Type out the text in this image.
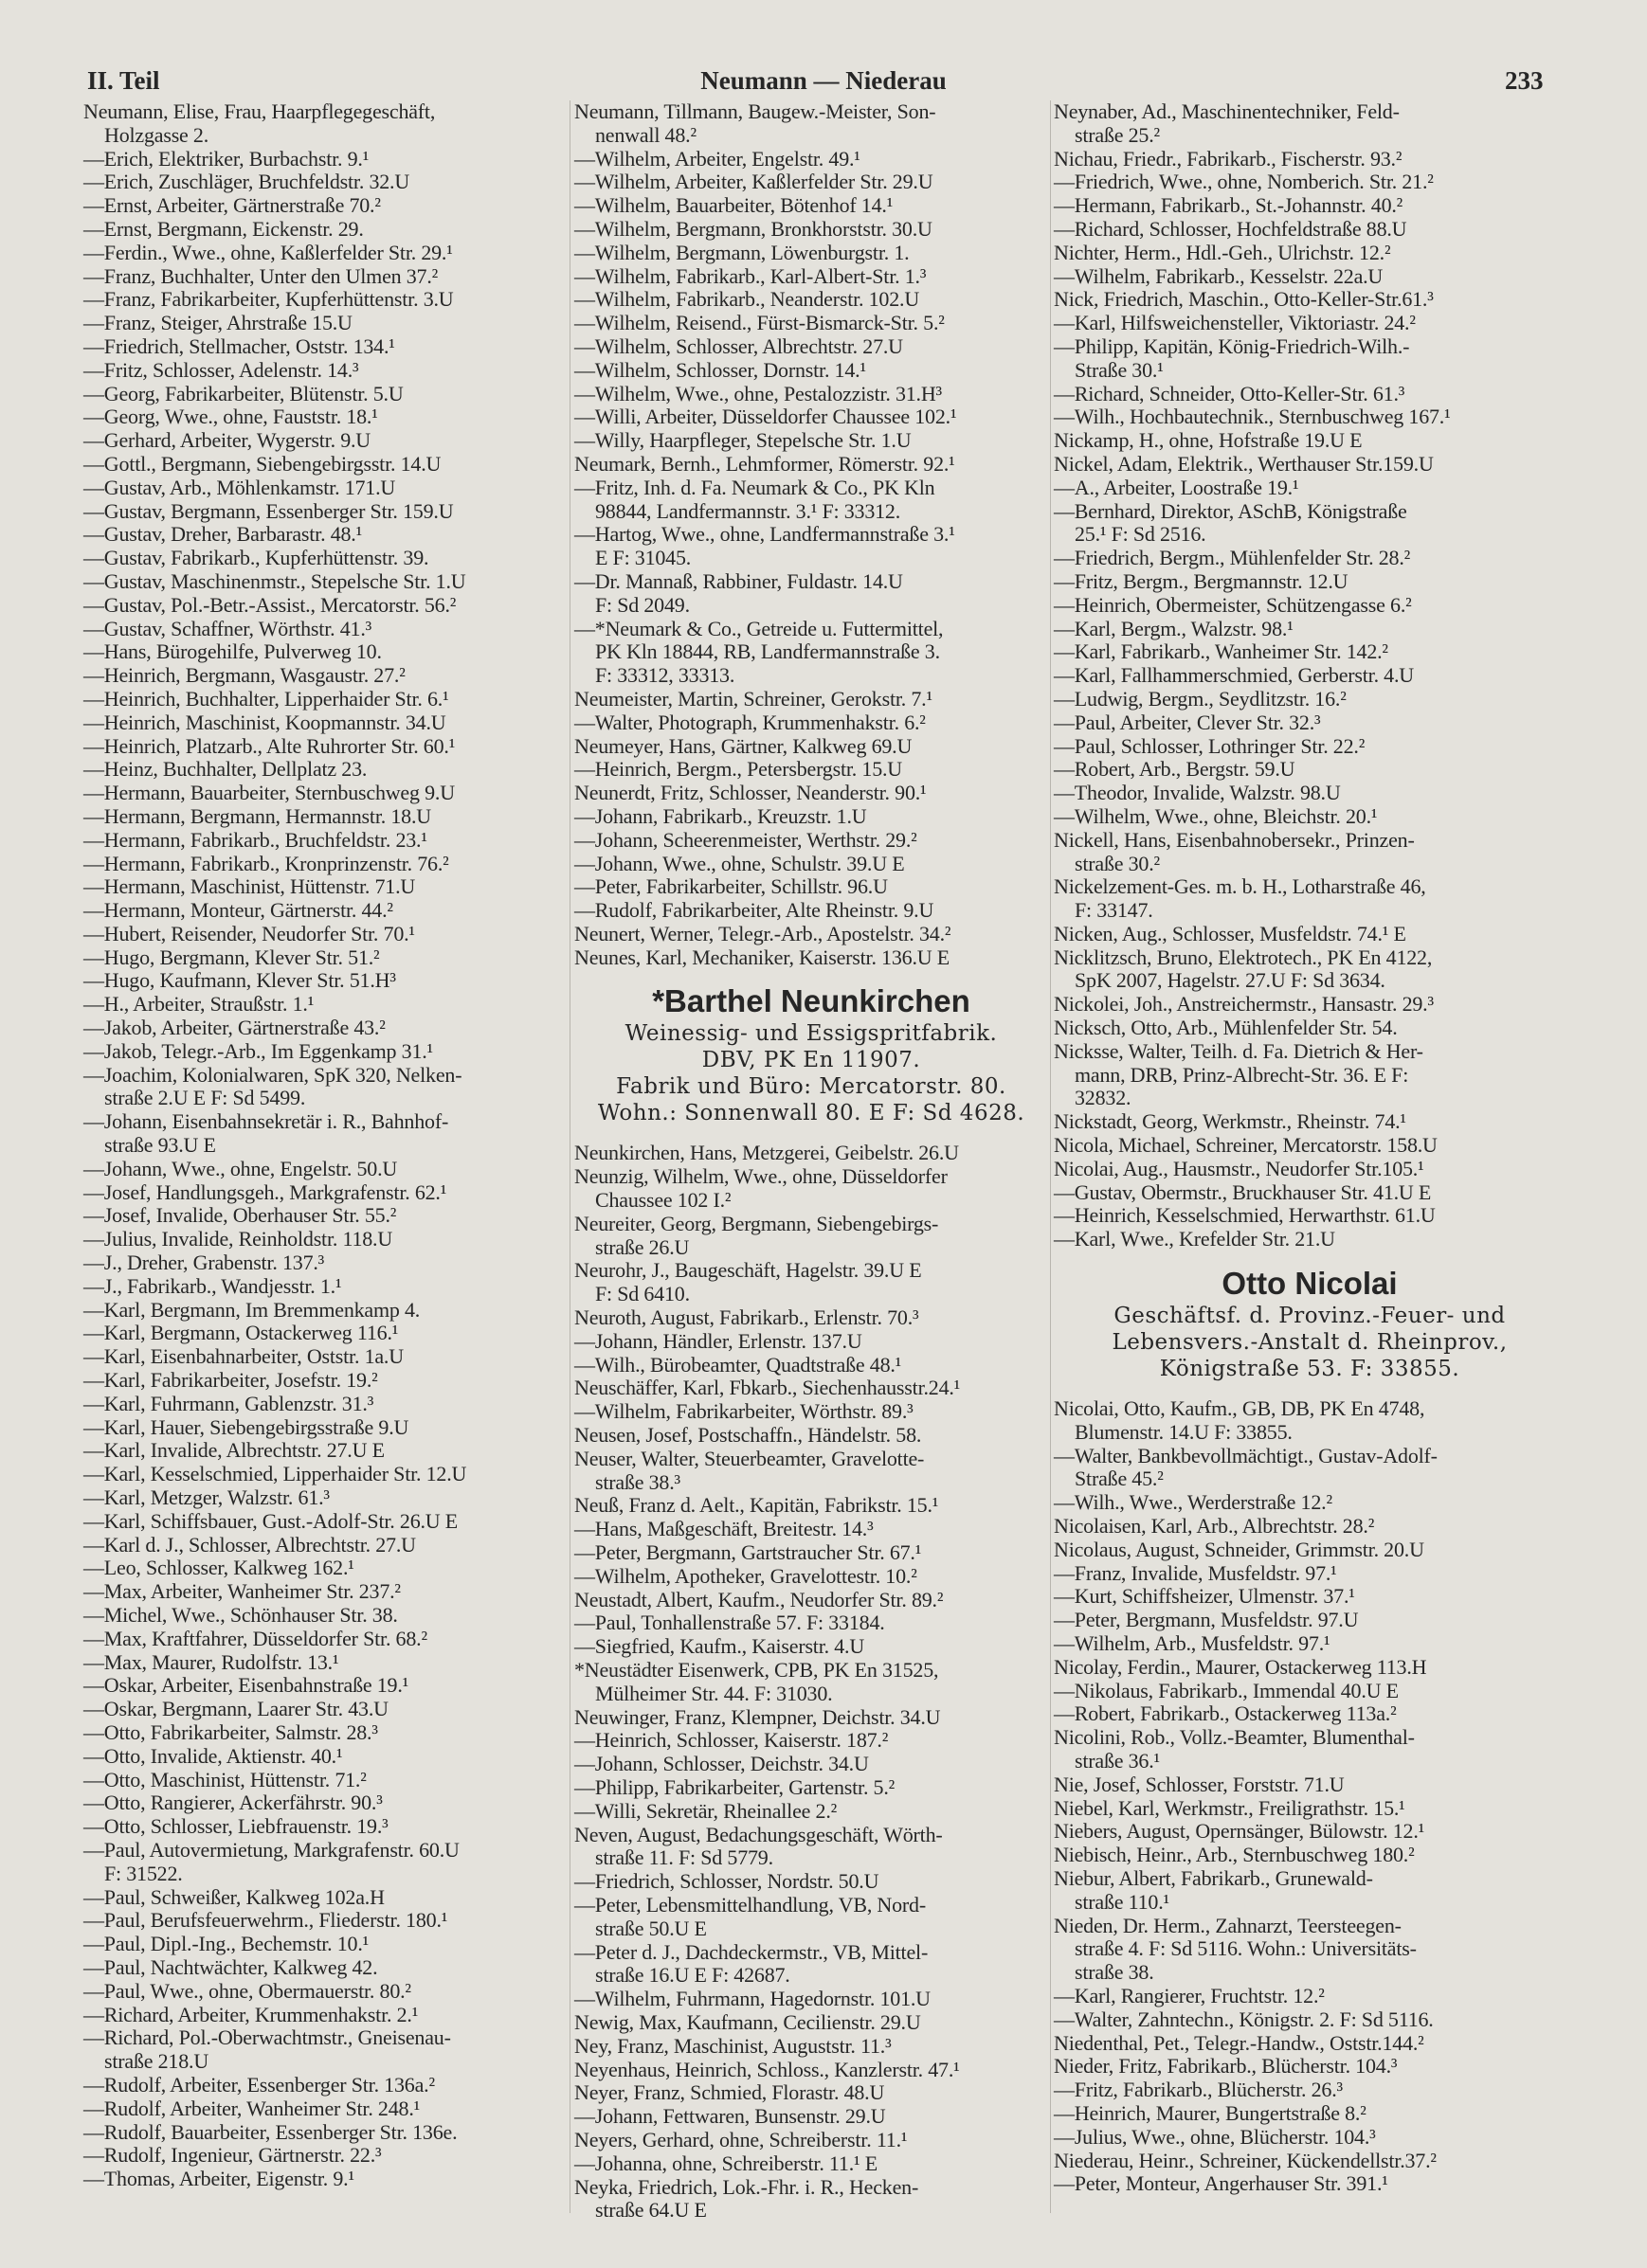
II. Teil	Neumann — Niederau	233
Neumann, Elise, Frau, Haarpflegegeschäft,
Holzgasse 2.
—Erich, Elektriker, Burbachstr. 9.¹
—Erich, Zuschläger, Bruchfeldstr. 32.U
—Ernst, Arbeiter, Gärtnerstraße 70.²
—Ernst, Bergmann, Eickenstr. 29.
—Ferdin., Wwe., ohne, Kaßlerfelder Str. 29.¹
—Franz, Buchhalter, Unter den Ulmen 37.²
—Franz, Fabrikarbeiter, Kupferhüttenstr. 3.U
—Franz, Steiger, Ahrstraße 15.U
—Friedrich, Stellmacher, Oststr. 134.¹
—Fritz, Schlosser, Adelenstr. 14.³
—Georg, Fabrikarbeiter, Blütenstr. 5.U
—Georg, Wwe., ohne, Fauststr. 18.¹
—Gerhard, Arbeiter, Wygerstr. 9.U
—Gottl., Bergmann, Siebengebirgsstr. 14.U
—Gustav, Arb., Möhlenkamstr. 171.U
—Gustav, Bergmann, Essenberger Str. 159.U
—Gustav, Dreher, Barbarastr. 48.¹
—Gustav, Fabrikarb., Kupferhüttenstr. 39.
—Gustav, Maschinenmstr., Stepelsche Str. 1.U
—Gustav, Pol.-Betr.-Assist., Mercatorstr. 56.²
—Gustav, Schaffner, Wörthstr. 41.³
—Hans, Bürogehilfe, Pulverweg 10.
—Heinrich, Bergmann, Wasgaustr. 27.²
—Heinrich, Buchhalter, Lipperhaider Str. 6.¹
—Heinrich, Maschinist, Koopmannstr. 34.U
—Heinrich, Platzarb., Alte Ruhrorter Str. 60.¹
—Heinz, Buchhalter, Dellplatz 23.
—Hermann, Bauarbeiter, Sternbuschweg 9.U
—Hermann, Bergmann, Hermannstr. 18.U
—Hermann, Fabrikarb., Bruchfeldstr. 23.¹
—Hermann, Fabrikarb., Kronprinzenstr. 76.²
—Hermann, Maschinist, Hüttenstr. 71.U
—Hermann, Monteur, Gärtnerstr. 44.²
—Hubert, Reisender, Neudorfer Str. 70.¹
—Hugo, Bergmann, Klever Str. 51.²
—Hugo, Kaufmann, Klever Str. 51.H³
—H., Arbeiter, Straußstr. 1.¹
—Jakob, Arbeiter, Gärtnerstraße 43.²
—Jakob, Telegr.-Arb., Im Eggenkamp 31.¹
—Joachim, Kolonialwaren, SpK 320, Nelken-
straße 2.U E F: Sd 5499.
—Johann, Eisenbahnsekretär i. R., Bahnhof-
straße 93.U E
—Johann, Wwe., ohne, Engelstr. 50.U
—Josef, Handlungsgeh., Markgrafenstr. 62.¹
—Josef, Invalide, Oberhauser Str. 55.²
—Julius, Invalide, Reinholdstr. 118.U
—J., Dreher, Grabenstr. 137.³
—J., Fabrikarb., Wandjesstr. 1.¹
—Karl, Bergmann, Im Bremmenkamp 4.
—Karl, Bergmann, Ostackerweg 116.¹
—Karl, Eisenbahnarbeiter, Oststr. 1a.U
—Karl, Fabrikarbeiter, Josefstr. 19.²
—Karl, Fuhrmann, Gablenzstr. 31.³
—Karl, Hauer, Siebengebirgsstraße 9.U
—Karl, Invalide, Albrechtstr. 27.U E
—Karl, Kesselschmied, Lipperhaider Str. 12.U
—Karl, Metzger, Walzstr. 61.³
—Karl, Schiffsbauer, Gust.-Adolf-Str. 26.U E
—Karl d. J., Schlosser, Albrechtstr. 27.U
—Leo, Schlosser, Kalkweg 162.¹
—Max, Arbeiter, Wanheimer Str. 237.²
—Michel, Wwe., Schönhauser Str. 38.
—Max, Kraftfahrer, Düsseldorfer Str. 68.²
—Max, Maurer, Rudolfstr. 13.¹
—Oskar, Arbeiter, Eisenbahnstraße 19.¹
—Oskar, Bergmann, Laarer Str. 43.U
—Otto, Fabrikarbeiter, Salmstr. 28.³
—Otto, Invalide, Aktienstr. 40.¹
—Otto, Maschinist, Hüttenstr. 71.²
—Otto, Rangierer, Ackerfährstr. 90.³
—Otto, Schlosser, Liebfrauenstr. 19.³
—Paul, Autovermietung, Markgrafenstr. 60.U
F: 31522.
—Paul, Schweißer, Kalkweg 102a.H
—Paul, Berufsfeuerwehrm., Fliederstr. 180.¹
—Paul, Dipl.-Ing., Bechemstr. 10.¹
—Paul, Nachtwächter, Kalkweg 42.
—Paul, Wwe., ohne, Obermauerstr. 80.²
—Richard, Arbeiter, Krummenhakstr. 2.¹
—Richard, Pol.-Oberwachtmstr., Gneisenau-
straße 218.U
—Rudolf, Arbeiter, Essenberger Str. 136a.²
—Rudolf, Arbeiter, Wanheimer Str. 248.¹
—Rudolf, Bauarbeiter, Essenberger Str. 136e.
—Rudolf, Ingenieur, Gärtnerstr. 22.³
—Thomas, Arbeiter, Eigenstr. 9.¹
Neumann, Tillmann, Baugew.-Meister, Son-
nenwall 48.²
—Wilhelm, Arbeiter, Engelstr. 49.¹
—Wilhelm, Arbeiter, Kaßlerfelder Str. 29.U
—Wilhelm, Bauarbeiter, Bötenhof 14.¹
—Wilhelm, Bergmann, Bronkhorststr. 30.U
—Wilhelm, Bergmann, Löwenburgstr. 1.
—Wilhelm, Fabrikarb., Karl-Albert-Str. 1.³
—Wilhelm, Fabrikarb., Neanderstr. 102.U
—Wilhelm, Reisend., Fürst-Bismarck-Str. 5.²
—Wilhelm, Schlosser, Albrechtstr. 27.U
—Wilhelm, Schlosser, Dornstr. 14.¹
—Wilhelm, Wwe., ohne, Pestalozzistr. 31.H³
—Willi, Arbeiter, Düsseldorfer Chaussee 102.¹
—Willy, Haarpfleger, Stepelsche Str. 1.U
Neumark, Bernh., Lehmformer, Römerstr. 92.¹
—Fritz, Inh. d. Fa. Neumark & Co., PK Kln
98844, Landfermannstr. 3.¹ F: 33312.
—Hartog, Wwe., ohne, Landfermannstraße 3.¹
E F: 31045.
—Dr. Mannaß, Rabbiner, Fuldastr. 14.U
F: Sd 2049.
—*Neumark & Co., Getreide u. Futtermittel,
PK Kln 18844, RB, Landfermannstraße 3.
F: 33312, 33313.
Neumeister, Martin, Schreiner, Gerokstr. 7.¹
—Walter, Photograph, Krummenhakstr. 6.²
Neumeyer, Hans, Gärtner, Kalkweg 69.U
—Heinrich, Bergm., Petersbergstr. 15.U
Neunerdt, Fritz, Schlosser, Neanderstr. 90.¹
—Johann, Fabrikarb., Kreuzstr. 1.U
—Johann, Scheerenmeister, Werthstr. 29.²
—Johann, Wwe., ohne, Schulstr. 39.U E
—Peter, Fabrikarbeiter, Schillstr. 96.U
—Rudolf, Fabrikarbeiter, Alte Rheinstr. 9.U
Neunert, Werner, Telegr.-Arb., Apostelstr. 34.²
Neunes, Karl, Mechaniker, Kaiserstr. 136.U E
*Barthel Neunkirchen
Weinessig- und Essigspritfabrik.
DBV, PK En 11907.
Fabrik und Büro: Mercatorstr. 80.
Wohn.: Sonnenwall 80. E F: Sd 4628.
Neunkirchen, Hans, Metzgerei, Geibelstr. 26.U
Neunzig, Wilhelm, Wwe., ohne, Düsseldorfer
Chaussee 102 I.²
Neureiter, Georg, Bergmann, Siebengebirgs-
straße 26.U
Neurohr, J., Baugeschäft, Hagelstr. 39.U E
F: Sd 6410.
Neuroth, August, Fabrikarb., Erlenstr. 70.³
—Johann, Händler, Erlenstr. 137.U
—Wilh., Bürobeamter, Quadtstraße 48.¹
Neuschäffer, Karl, Fbkarb., Siechenhausstr.24.¹
—Wilhelm, Fabrikarbeiter, Wörthstr. 89.³
Neusen, Josef, Postschaffn., Händelstr. 58.
Neuser, Walter, Steuerbeamter, Gravelotte-
straße 38.³
Neuß, Franz d. Aelt., Kapitän, Fabrikstr. 15.¹
—Hans, Maßgeschäft, Breitestr. 14.³
—Peter, Bergmann, Gartstraucher Str. 67.¹
—Wilhelm, Apotheker, Gravelottestr. 10.²
Neustadt, Albert, Kaufm., Neudorfer Str. 89.²
—Paul, Tonhallenstraße 57. F: 33184.
—Siegfried, Kaufm., Kaiserstr. 4.U
*Neustädter Eisenwerk, CPB, PK En 31525,
Mülheimer Str. 44. F: 31030.
Neuwinger, Franz, Klempner, Deichstr. 34.U
—Heinrich, Schlosser, Kaiserstr. 187.²
—Johann, Schlosser, Deichstr. 34.U
—Philipp, Fabrikarbeiter, Gartenstr. 5.²
—Willi, Sekretär, Rheinallee 2.²
Neven, August, Bedachungsgeschäft, Wörth-
straße 11. F: Sd 5779.
—Friedrich, Schlosser, Nordstr. 50.U
—Peter, Lebensmittelhandlung, VB, Nord-
straße 50.U E
—Peter d. J., Dachdeckermstr., VB, Mittel-
straße 16.U E F: 42687.
—Wilhelm, Fuhrmann, Hagedornstr. 101.U
Newig, Max, Kaufmann, Cecilienstr. 29.U
Ney, Franz, Maschinist, Auguststr. 11.³
Neyenhaus, Heinrich, Schloss., Kanzlerstr. 47.¹
Neyer, Franz, Schmied, Florastr. 48.U
—Johann, Fettwaren, Bunsenstr. 29.U
Neyers, Gerhard, ohne, Schreiberstr. 11.¹
—Johanna, ohne, Schreiberstr. 11.¹ E
Neyka, Friedrich, Lok.-Fhr. i. R., Hecken-
straße 64.U E
Neynaber, Ad., Maschinentechniker, Feld-
straße 25.²
Nichau, Friedr., Fabrikarb., Fischerstr. 93.²
—Friedrich, Wwe., ohne, Nomberich. Str. 21.²
—Hermann, Fabrikarb., St.-Johannstr. 40.²
—Richard, Schlosser, Hochfeldstraße 88.U
Nichter, Herm., Hdl.-Geh., Ulrichstr. 12.²
—Wilhelm, Fabrikarb., Kesselstr. 22a.U
Nick, Friedrich, Maschin., Otto-Keller-Str.61.³
—Karl, Hilfsweichensteller, Viktoriastr. 24.²
—Philipp, Kapitän, König-Friedrich-Wilh.-
Straße 30.¹
—Richard, Schneider, Otto-Keller-Str. 61.³
—Wilh., Hochbautechnik., Sternbuschweg 167.¹
Nickamp, H., ohne, Hofstraße 19.U E
Nickel, Adam, Elektrik., Werthauser Str.159.U
—A., Arbeiter, Loostraße 19.¹
—Bernhard, Direktor, ASchB, Königstraße
25.¹ F: Sd 2516.
—Friedrich, Bergm., Mühlenfelder Str. 28.²
—Fritz, Bergm., Bergmannstr. 12.U
—Heinrich, Obermeister, Schützengasse 6.²
—Karl, Bergm., Walzstr. 98.¹
—Karl, Fabrikarb., Wanheimer Str. 142.²
—Karl, Fallhammerschmied, Gerberstr. 4.U
—Ludwig, Bergm., Seydlitzstr. 16.²
—Paul, Arbeiter, Clever Str. 32.³
—Paul, Schlosser, Lothringer Str. 22.²
—Robert, Arb., Bergstr. 59.U
—Theodor, Invalide, Walzstr. 98.U
—Wilhelm, Wwe., ohne, Bleichstr. 20.¹
Nickell, Hans, Eisenbahnobersekr., Prinzen-
straße 30.²
Nickelzement-Ges. m. b. H., Lotharstraße 46,
F: 33147.
Nicken, Aug., Schlosser, Musfeldstr. 74.¹ E
Nicklitzsch, Bruno, Elektrotech., PK En 4122,
SpK 2007, Hagelstr. 27.U F: Sd 3634.
Nickolei, Joh., Anstreichermstr., Hansastr. 29.³
Nicksch, Otto, Arb., Mühlenfelder Str. 54.
Nicksse, Walter, Teilh. d. Fa. Dietrich & Her-
mann, DRB, Prinz-Albrecht-Str. 36. E F:
32832.
Nickstadt, Georg, Werkmstr., Rheinstr. 74.¹
Nicola, Michael, Schreiner, Mercatorstr. 158.U
Nicolai, Aug., Hausmstr., Neudorfer Str.105.¹
—Gustav, Obermstr., Bruckhauser Str. 41.U E
—Heinrich, Kesselschmied, Herwarthstr. 61.U
—Karl, Wwe., Krefelder Str. 21.U
Otto Nicolai
Geschäftsf. d. Provinz.-Feuer- und
Lebensvers.-Anstalt d. Rheinprov.,
Königstraße 53. F: 33855.
Nicolai, Otto, Kaufm., GB, DB, PK En 4748,
Blumenstr. 14.U F: 33855.
—Walter, Bankbevollmächtigt., Gustav-Adolf-
Straße 45.²
—Wilh., Wwe., Werderstraße 12.²
Nicolaisen, Karl, Arb., Albrechtstr. 28.²
Nicolaus, August, Schneider, Grimmstr. 20.U
—Franz, Invalide, Musfeldstr. 97.¹
—Kurt, Schiffsheizer, Ulmenstr. 37.¹
—Peter, Bergmann, Musfeldstr. 97.U
—Wilhelm, Arb., Musfeldstr. 97.¹
Nicolay, Ferdin., Maurer, Ostackerweg 113.H
—Nikolaus, Fabrikarb., Immendal 40.U E
—Robert, Fabrikarb., Ostackerweg 113a.²
Nicolini, Rob., Vollz.-Beamter, Blumenthal-
straße 36.¹
Nie, Josef, Schlosser, Forststr. 71.U
Niebel, Karl, Werkmstr., Freiligrathstr. 15.¹
Niebers, August, Opernsänger, Bülowstr. 12.¹
Niebisch, Heinr., Arb., Sternbuschweg 180.²
Niebur, Albert, Fabrikarb., Grunewald-
straße 110.¹
Nieden, Dr. Herm., Zahnarzt, Teersteegen-
straße 4. F: Sd 5116. Wohn.: Universitäts-
straße 38.
—Karl, Rangierer, Fruchtstr. 12.²
—Walter, Zahntechn., Königstr. 2. F: Sd 5116.
Niedenthal, Pet., Telegr.-Handw., Oststr.144.²
Nieder, Fritz, Fabrikarb., Blücherstr. 104.³
—Fritz, Fabrikarb., Blücherstr. 26.³
—Heinrich, Maurer, Bungertstraße 8.²
—Julius, Wwe., ohne, Blücherstr. 104.³
Niederau, Heinr., Schreiner, Kückendellstr.37.²
—Peter, Monteur, Angerhauser Str. 391.¹
